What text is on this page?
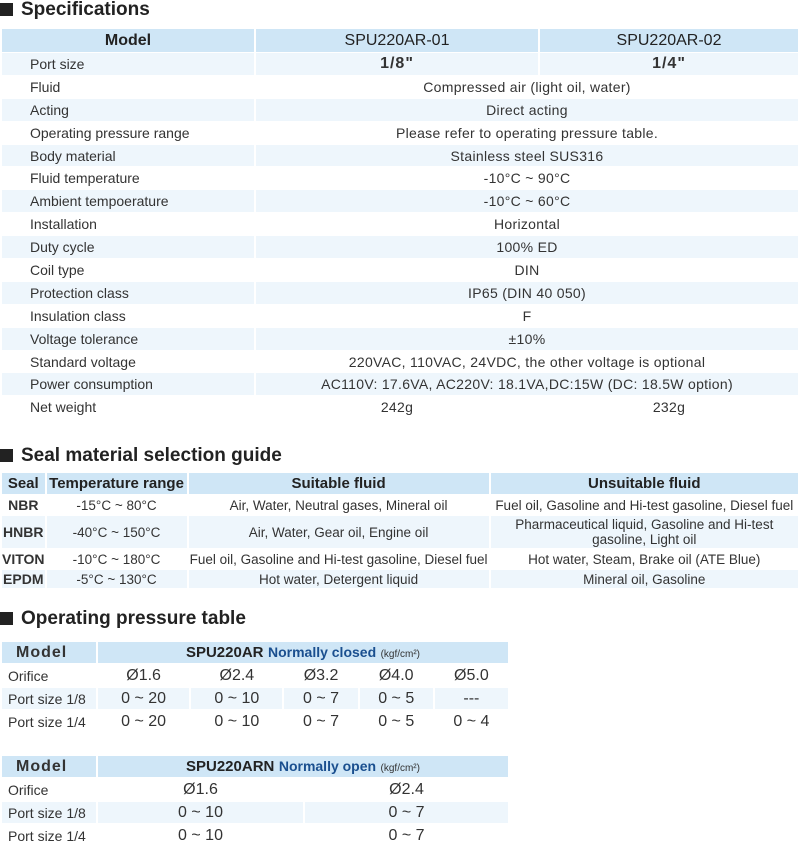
Specifications
Model	SPU220AR-01	SPU220AR-02
Port size	1/8"	1/4"
Fluid	Compressed air (light oil, water)	
Acting	Direct acting	
Operating pressure range	Please refer to operating pressure table.	
Body material	Stainless steel SUS316	
Fluid temperature	-10°C ~ 90°C	
Ambient tempoerature	-10°C ~ 60°C	
Installation	Horizontal	
Duty cycle	100% ED	
Coil type	DIN	
Protection class	IP65 (DIN 40 050)	
Insulation class	F	
Voltage tolerance	±10%	
Standard voltage	220VAC, 110VAC, 24VDC, the other voltage is optional	
Power consumption	AC110V: 17.6VA, AC220V: 18.1VA,DC:15W (DC: 18.5W option)	
Net weight	242g	232g
Seal material selection guide
Seal	Temperature range	Suitable fluid	Unsuitable fluid
NBR	-15°C ~ 80°C	Air, Water, Neutral gases, Mineral oil	Fuel oil, Gasoline and Hi-test gasoline, Diesel fuel
HNBR	-40°C ~ 150°C	Air, Water, Gear oil, Engine oil	Pharmaceutical liquid, Gasoline and Hi-test gasoline, Light oil
VITON	-10°C ~ 180°C	Fuel oil, Gasoline and Hi-test gasoline, Diesel fuel	Hot water, Steam, Brake oil (ATE Blue)
EPDM	-5°C ~ 130°C	Hot water, Detergent liquid	Mineral oil, Gasoline
Operating pressure table
Model	SPU220AR Normally closed (kgf/cm²)				
Orifice	Ø1.6	Ø2.4	Ø3.2	Ø4.0	Ø5.0
Port size 1/8	0 ~ 20	0 ~ 10	0 ~ 7	0 ~ 5	---
Port size 1/4	0 ~ 20	0 ~ 10	0 ~ 7	0 ~ 5	0 ~ 4
Model	SPU220ARN Normally open (kgf/cm²)	
Orifice	Ø1.6	Ø2.4
Port size 1/8	0 ~ 10	0 ~ 7
Port size 1/4	0 ~ 10	0 ~ 7
